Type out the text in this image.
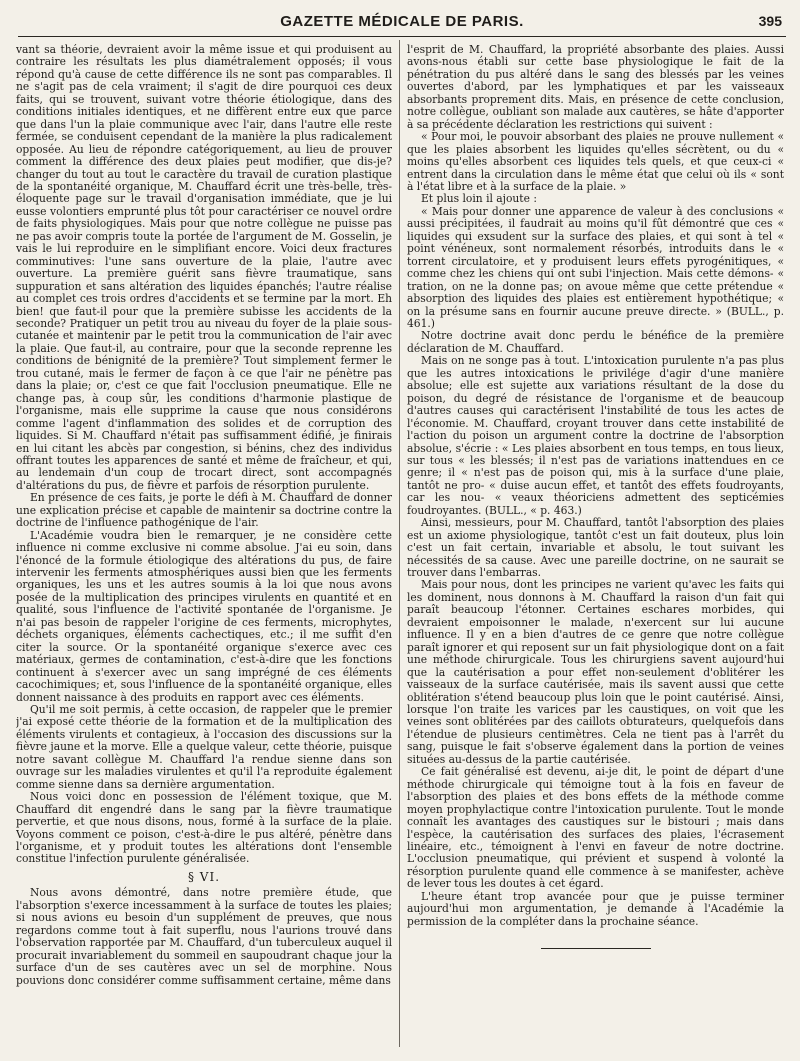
GAZETTE MÉDICALE DE PARIS.	395

vant sa théorie, devraient avoir la même issue et qui produisent au contraire les résultats les plus diamétralement opposés; il vous répond qu'à cause de cette différence ils ne sont pas comparables. Il ne s'agit pas de cela vraiment; il s'agit de dire pourquoi ces deux faits, qui se trouvent, suivant votre théorie étiologique, dans des conditions initiales identiques, et ne diffèrent entre eux que parce que dans l'un la plaie communique avec l'air, dans l'autre elle reste fermée, se conduisent cependant de la manière la plus radicalement opposée. Au lieu de répondre catégoriquement, au lieu de prouver comment la différence des deux plaies peut modifier, que dis-je? changer du tout au tout le caractère du travail de curation plastique de la spontanéité organique, M. Chauffard écrit une très-belle, très-éloquente page sur le travail d'organisation immédiate, que je lui eusse volontiers emprunté plus tôt pour caractériser ce nouvel ordre de faits physiologiques. Mais pour que notre collègue ne puisse pas ne pas avoir compris toute la portée de l'argument de M. Gosselin, je vais le lui reproduire en le simplifiant encore. Voici deux fractures comminutives: l'une sans ouverture de la plaie, l'autre avec ouverture. La première guérit sans fièvre traumatique, sans suppuration et sans altération des liquides épanchés; l'autre réalise au complet ces trois ordres d'accidents et se termine par la mort. Eh bien! que faut-il pour que la première subisse les accidents de la seconde? Pratiquer un petit trou au niveau du foyer de la plaie sous-cutanée et maintenir par le petit trou la communication de l'air avec la plaie. Que faut-il, au contraire, pour que la seconde reprenne les conditions de bénignité de la première? Tout simplement fermer le trou cutané, mais le fermer de façon à ce que l'air ne pénètre pas dans la plaie; or, c'est ce que fait l'occlusion pneumatique. Elle ne change pas, à coup sûr, les conditions d'harmonie plastique de l'organisme, mais elle supprime la cause que nous considérons comme l'agent d'inflammation des solides et de corruption des liquides. Si M. Chauffard n'était pas suffisamment édifié, je finirais en lui citant les abcès par congestion, si bénins, chez des individus offrant toutes les apparences de santé et même de fraîcheur, et qui, au lendemain d'un coup de trocart direct, sont accompagnés d'altérations du pus, de fièvre et parfois de résorption purulente.

En présence de ces faits, je porte le défi à M. Chauffard de donner une explication précise et capable de maintenir sa doctrine contre la doctrine de l'influence pathogénique de l'air.

L'Académie voudra bien le remarquer, je ne considère cette influence ni comme exclusive ni comme absolue. J'ai eu soin, dans l'énoncé de la formule étiologique des altérations du pus, de faire intervenir les ferments atmosphériques aussi bien que les ferments organiques, les uns et les autres soumis à la loi que nous avons posée de la multiplication des principes virulents en quantité et en qualité, sous l'influence de l'activité spontanée de l'organisme. Je n'ai pas besoin de rappeler l'origine de ces ferments, microphytes, déchets organiques, éléments cachectiques, etc.; il me suffit d'en citer la source. Or la spontanéité organique s'exerce avec ces matériaux, germes de contamination, c'est-à-dire que les fonctions continuent à s'exercer avec un sang imprégné de ces éléments cacochimiques; et, sous l'influence de la spontanéité organique, elles donnent naissance à des produits en rapport avec ces éléments.

Qu'il me soit permis, à cette occasion, de rappeler que le premier j'ai exposé cette théorie de la formation et de la multiplication des éléments virulents et contagieux, à l'occasion des discussions sur la fièvre jaune et la morve. Elle a quelque valeur, cette théorie, puisque notre savant collègue M. Chauffard l'a rendue sienne dans son ouvrage sur les maladies virulentes et qu'il l'a reproduite également comme sienne dans sa dernière argumentation.

Nous voici donc en possession de l'élément toxique, que M. Chauffard dit engendré dans le sang par la fièvre traumatique pervertie, et que nous disons, nous, formé à la surface de la plaie. Voyons comment ce poison, c'est-à-dire le pus altéré, pénètre dans l'organisme, et y produit toutes les altérations dont l'ensemble constitue l'infection purulente généralisée.

§ VI.

Nous avons démontré, dans notre première étude, que l'absorption s'exerce incessamment à la surface de toutes les plaies; si nous avions eu besoin d'un supplément de preuves, que nous regardons comme tout à fait superflu, nous l'aurions trouvé dans l'observation rapportée par M. Chauffard, d'un tuberculeux auquel il procurait invariablement du sommeil en saupoudrant chaque jour la surface d'un de ses cautères avec un sel de morphine. Nous pouvions donc considérer comme suffisamment certaine, même dans

l'esprit de M. Chauffard, la propriété absorbante des plaies. Aussi avons-nous établi sur cette base physiologique le fait de la pénétration du pus altéré dans le sang des blessés par les veines ouvertes d'abord, par les lymphatiques et par les vaisseaux absorbants proprement dits. Mais, en présence de cette conclusion, notre collègue, oubliant son malade aux cautères, se hâte d'apporter à sa précédente déclaration les restrictions qui suivent :

« Pour moi, le pouvoir absorbant des plaies ne prouve nullement « que les plaies absorbent les liquides qu'elles sécrètent, ou du « moins qu'elles absorbent ces liquides tels quels, et que ceux-ci « entrent dans la circulation dans le même état que celui où ils « sont à l'état libre et à la surface de la plaie. »

Et plus loin il ajoute :

« Mais pour donner une apparence de valeur à des conclusions « aussi précipitées, il faudrait au moins qu'il fût démontré que ces « liquides qui exsudent sur la surface des plaies, et qui sont à tel « point vénéneux, sont normalement résorbés, introduits dans le « torrent circulatoire, et y produisent leurs effets pyrogénitiques, « comme chez les chiens qui ont subi l'injection. Mais cette démons- « tration, on ne la donne pas; on avoue même que cette prétendue « absorption des liquides des plaies est entièrement hypothétique; « on la présume sans en fournir aucune preuve directe. » (BULL., p. 461.)

Notre doctrine avait donc perdu le bénéfice de la première déclaration de M. Chauffard.

Mais on ne songe pas à tout. L'intoxication purulente n'a pas plus que les autres intoxications le privilége d'agir d'une manière absolue; elle est sujette aux variations résultant de la dose du poison, du degré de résistance de l'organisme et de beaucoup d'autres causes qui caractérisent l'instabilité de tous les actes de l'économie. M. Chauffard, croyant trouver dans cette instabilité de l'action du poison un argument contre la doctrine de l'absorption absolue, s'écrie : « Les plaies absorbent en tous temps, en tous lieux, sur tous « les blessés; il n'est pas de variations inattendues en ce genre; il « n'est pas de poison qui, mis à la surface d'une plaie, tantôt ne pro- « duise aucun effet, et tantôt des effets foudroyants, car les nou- « veaux théoriciens admettent des septicémies foudroyantes. (BULL., « p. 463.)

Ainsi, messieurs, pour M. Chauffard, tantôt l'absorption des plaies est un axiome physiologique, tantôt c'est un fait douteux, plus loin c'est un fait certain, invariable et absolu, le tout suivant les nécessités de sa cause. Avec une pareille doctrine, on ne saurait se trouver dans l'embarras.

Mais pour nous, dont les principes ne varient qu'avec les faits qui les dominent, nous donnons à M. Chauffard la raison d'un fait qui paraît beaucoup l'étonner. Certaines eschares morbides, qui devraient empoisonner le malade, n'exercent sur lui aucune influence. Il y en a bien d'autres de ce genre que notre collègue paraît ignorer et qui reposent sur un fait physiologique dont on a fait une méthode chirurgicale. Tous les chirurgiens savent aujourd'hui que la cautérisation a pour effet non-seulement d'oblitérer les vaisseaux de la surface cautérisée, mais ils savent aussi que cette oblitération s'étend beaucoup plus loin que le point cautérisé. Ainsi, lorsque l'on traite les varices par les caustiques, on voit que les veines sont oblitérées par des caillots obturateurs, quelquefois dans l'étendue de plusieurs centimètres. Cela ne tient pas à l'arrêt du sang, puisque le fait s'observe également dans la portion de veines situées au-dessus de la partie cautérisée.

Ce fait généralisé est devenu, ai-je dit, le point de départ d'une méthode chirurgicale qui témoigne tout à la fois en faveur de l'absorption des plaies et des bons effets de la méthode comme moyen prophylactique contre l'intoxication purulente. Tout le monde connaît les avantages des caustiques sur le bistouri ; mais dans l'espèce, la cautérisation des surfaces des plaies, l'écrasement linéaire, etc., témoignent à l'envi en faveur de notre doctrine. L'occlusion pneumatique, qui prévient et suspend à volonté la résorption purulente quand elle commence à se manifester, achève de lever tous les doutes à cet égard.

L'heure étant trop avancée pour que je puisse terminer aujourd'hui mon argumentation, je demande à l'Académie la permission de la compléter dans la prochaine séance.
